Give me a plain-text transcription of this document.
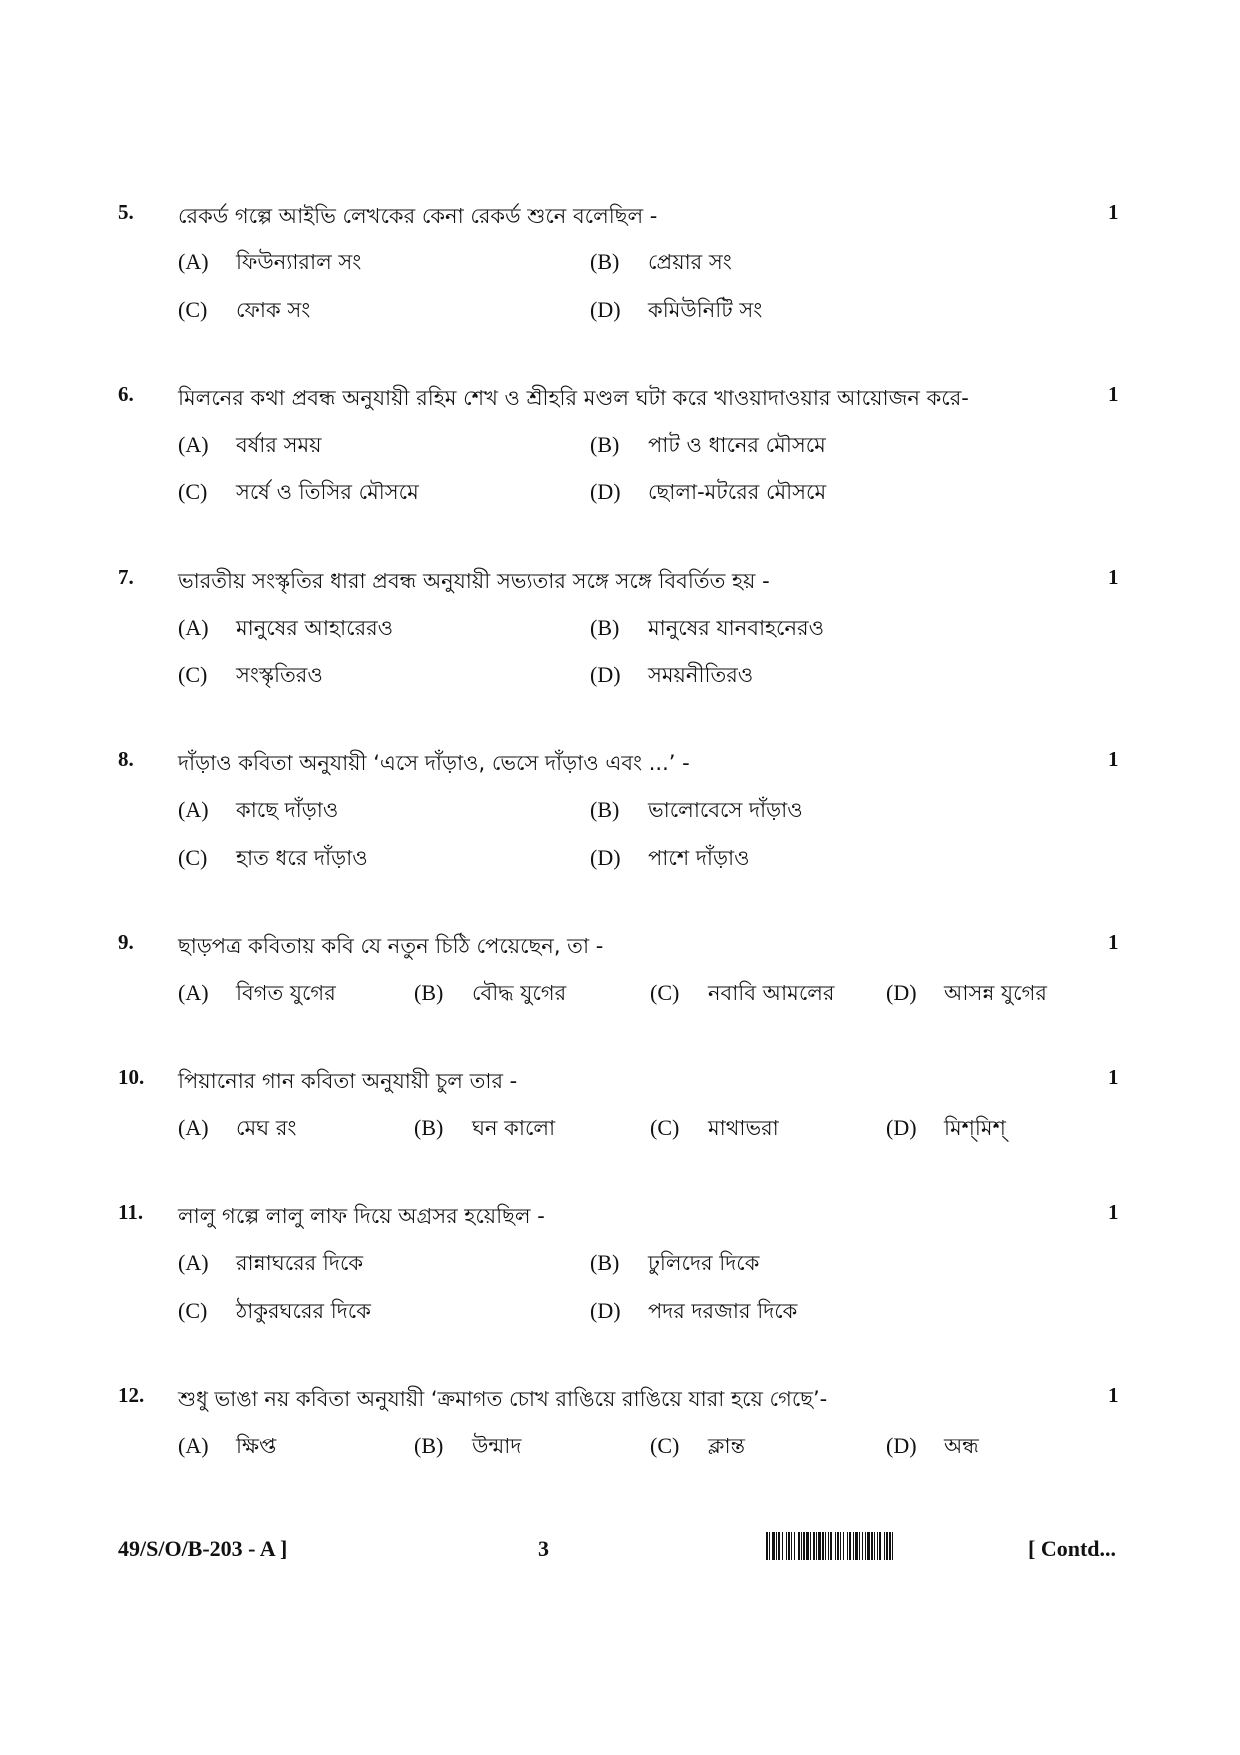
5. রেকর্ড গল্পে আইভি লেখকের কেনা রেকর্ড শুনে বলেছিল -	1
(A) ফিউন্যারাল সং	(B) প্রেয়ার সং
(C) ফোক সং	(D) কমিউনিটি সং
6. মিলনের কথা প্রবন্ধ অনুযায়ী রহিম শেখ ও শ্রীহরি মণ্ডল ঘটা করে খাওয়াদাওয়ার আয়োজন করে-	1
(A) বর্ষার সময়	(B) পাট ও ধানের মৌসমে
(C) সর্ষে ও তিসির মৌসমে	(D) ছোলা-মটরের মৌসমে
7. ভারতীয় সংস্কৃতির ধারা প্রবন্ধ অনুযায়ী সভ্যতার সঙ্গে সঙ্গে বিবর্তিত হয় -	1
(A) মানুষের আহারেরও	(B) মানুষের যানবাহনেরও
(C) সংস্কৃতিরও	(D) সময়নীতিরও
8. দাঁড়াও কবিতা অনুযায়ী ‘এসে দাঁড়াও, ভেসে দাঁড়াও এবং ...’ -	1
(A) কাছে দাঁড়াও	(B) ভালোবেসে দাঁড়াও
(C) হাত ধরে দাঁড়াও	(D) পাশে দাঁড়াও
9. ছাড়পত্র কবিতায় কবি যে নতুন চিঠি পেয়েছেন, তা -	1
(A) বিগত যুগের	(B) বৌদ্ধ যুগের	(C) নবাবি আমলের (D) আসন্ন যুগের
10. পিয়ানোর গান কবিতা অনুযায়ী চুল তার -	1
(A) মেঘ রং	(B) ঘন কালো	(C) মাথাভরা	(D) মিশ্‌মিশ্‌
11. লালু গল্পে লালু লাফ দিয়ে অগ্রসর হয়েছিল -	1
(A) রান্নাঘরের দিকে	(B) ঢুলিদের দিকে
(C) ঠাকুরঘরের দিকে	(D) পদর দরজার দিকে
12. শুধু ভাঙা নয় কবিতা অনুযায়ী ‘ক্রমাগত চোখ রাঙিয়ে রাঙিয়ে যারা হয়ে গেছে’-	1
(A) ক্ষিপ্ত	(B) উন্মাদ	(C) ক্লান্ত	(D) অন্ধ
49/S/O/B-203 - A ]	3	[ Contd...
